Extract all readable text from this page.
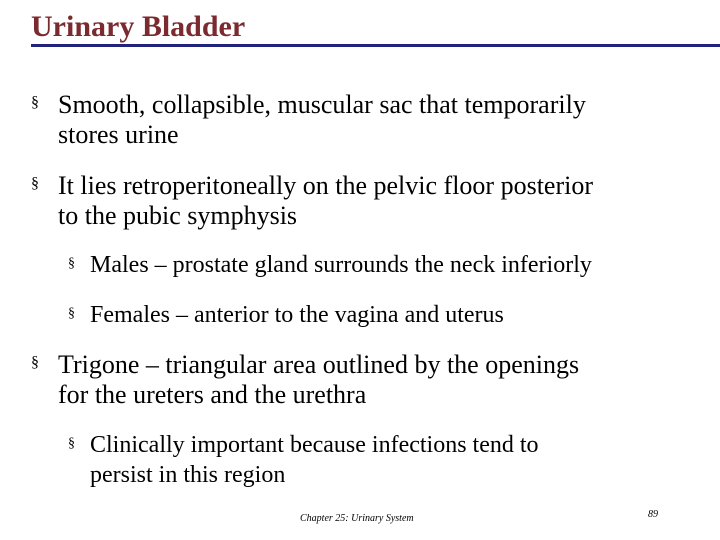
Urinary Bladder
§ Smooth, collapsible, muscular sac that temporarily
stores urine
§ It lies retroperitoneally on the pelvic floor posterior
to the pubic symphysis
§ Males – prostate gland surrounds the neck inferiorly
§ Females – anterior to the vagina and uterus
§ Trigone – triangular area outlined by the openings
for the ureters and the urethra
§ Clinically important because infections tend to
persist in this region
Chapter 25: Urinary System	89
